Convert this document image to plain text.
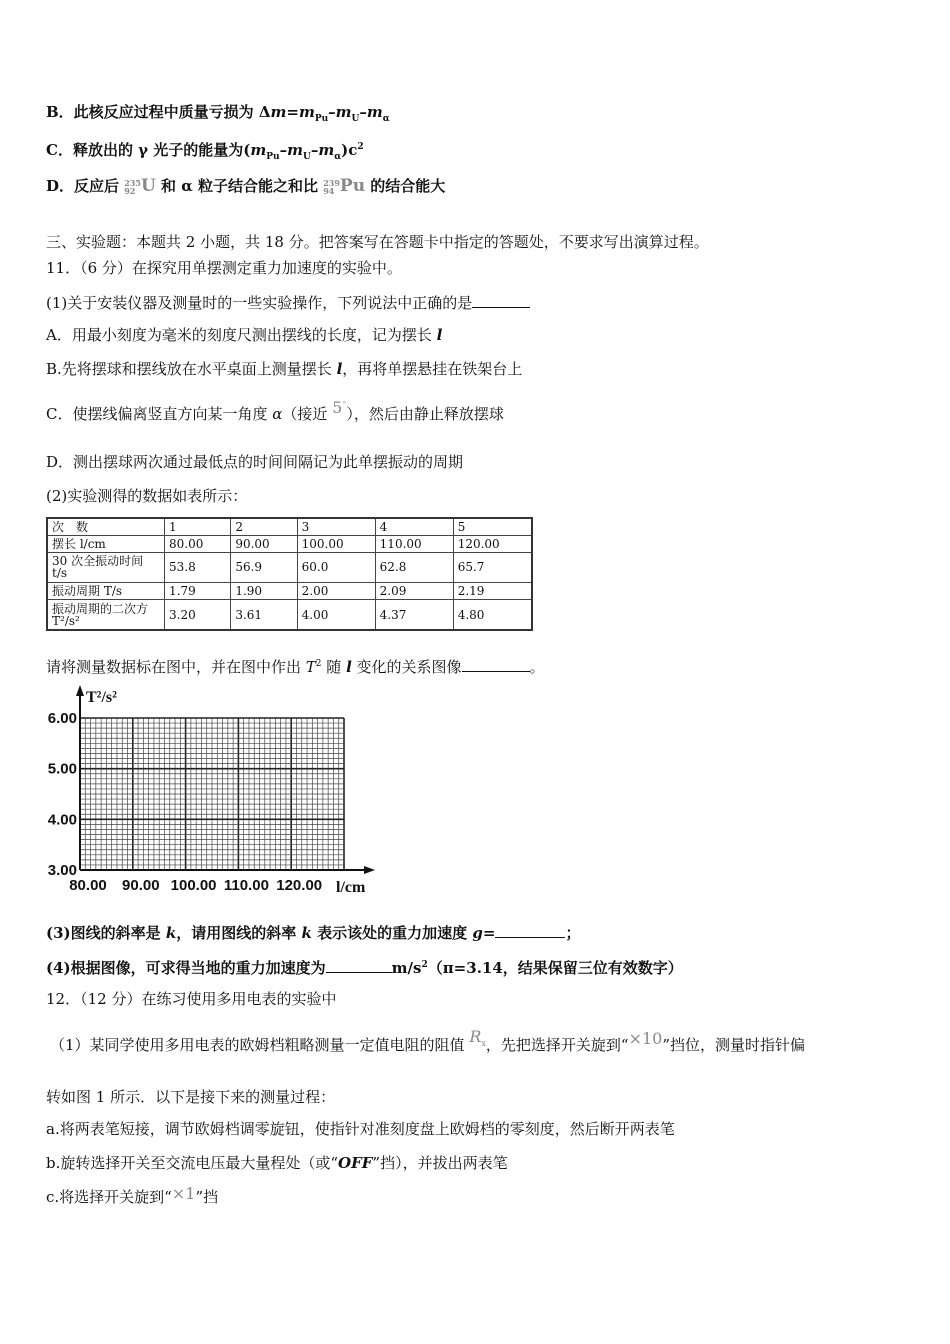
B．此核反应过程中质量亏损为 $\Delta m=m_{Pu}-m_U-m_\alpha$
C．释放出的 γ 光子的能量为$(m_{Pu}-m_U-m_\alpha)c^2$
D．反应后 235
92 U 和 α 粒子结合能之和比 239
94 Pu 的结合能大
三、实验题：本题共 2 小题，共 18 分。把答案写在答题卡中指定的答题处，不要求写出演算过程。
11．（6 分）在探究用单摆测定重力加速度的实验中。
(1)关于安装仪器及测量时的一些实验操作，下列说法中正确的是
A．用最小刻度为毫米的刻度尺测出摆线的长度，记为摆长 l
B.先将摆球和摆线放在水平桌面上测量摆长 l，再将单摆悬挂在铁架台上
C．使摆线偏离竖直方向某一角度 α（接近 5°），然后由静止释放摆球
D．测出摆球两次通过最低点的时间间隔记为此单摆振动的周期
(2)实验测得的数据如表所示：
次　数	1	2	3	4	5
摆长 l/cm	80.00	90.00	100.00	110.00	120.00
30 次全振动时间 t/s	53.8	56.9	60.0	62.8	65.7
振动周期 T/s	1.79	1.90	2.00	2.09	2.19
振动周期的二次方 T²/s²	3.20	3.61	4.00	4.37	4.80
请将测量数据标在图中，并在图中作出 $T^2$ 随 l 变化的关系图像	。
T²/s²
l/cm
6.00
5.00
4.00
3.00
80.00 90.00 100.00 110.00 120.00
(3)图线的斜率是 k，请用图线的斜率 k 表示该处的重力加速度 g=	；
(4)根据图像，可求得当地的重力加速度为	$m/s^2(\pi=3.14$，结果保留三位有效数字）
12．（12 分）在练习使用多用电表的实验中
（1）某同学使用多用电表的欧姆档粗略测量一定值电阻的阻值 $R^x$，先把选择开关旋到“×10”挡位，测量时指针偏
转如图 1 所示．以下是接下来的测量过程：
a.将两表笔短接，调节欧姆档调零旋钮，使指针对准刻度盘上欧姆档的零刻度，然后断开两表笔
b.旋转选择开关至交流电压最大量程处（或“OFF”挡），并拔出两表笔
c.将选择开关旋到“×1”挡
